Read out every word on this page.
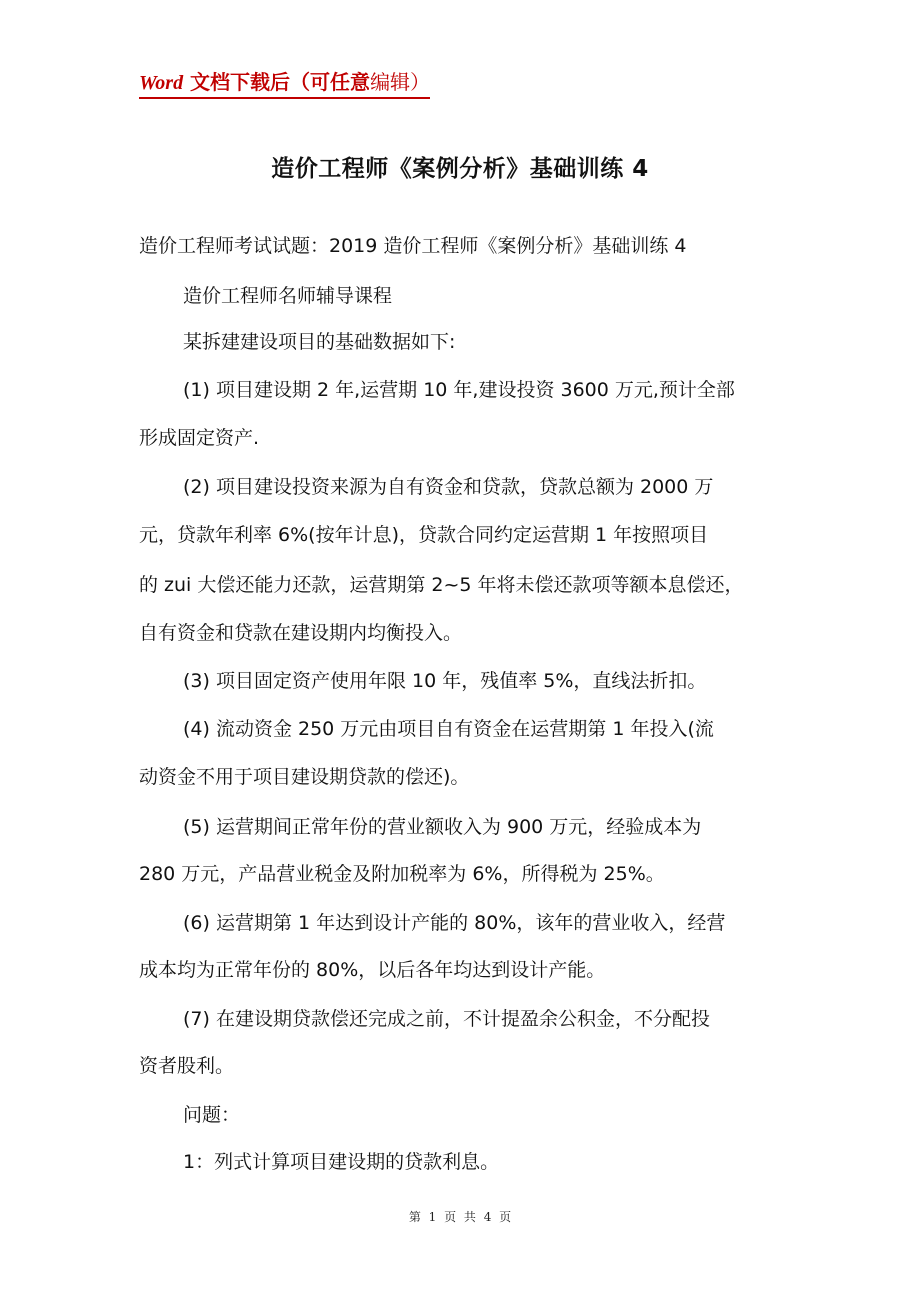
Word 文档下载后（可任意编辑）
造价工程师《案例分析》基础训练 4
造价工程师考试试题：2019 造价工程师《案例分析》基础训练 4
造价工程师名师辅导课程
某拆建建设项目的基础数据如下:
(1) 项目建设期 2 年,运营期 10 年,建设投资 3600 万元,预计全部
形成固定资产.
(2) 项目建设投资来源为自有资金和贷款，贷款总额为 2000 万
元，贷款年利率 6%(按年计息)，贷款合同约定运营期 1 年按照项目
的 zui 大偿还能力还款，运营期第 2~5 年将未偿还款项等额本息偿还，
自有资金和贷款在建设期内均衡投入。
(3) 项目固定资产使用年限 10 年，残值率 5%，直线法折扣。
(4) 流动资金 250 万元由项目自有资金在运营期第 1 年投入(流
动资金不用于项目建设期贷款的偿还)。
(5) 运营期间正常年份的营业额收入为 900 万元，经验成本为
280 万元，产品营业税金及附加税率为 6%，所得税为 25%。
(6) 运营期第 1 年达到设计产能的 80%，该年的营业收入，经营
成本均为正常年份的 80%，以后各年均达到设计产能。
(7) 在建设期贷款偿还完成之前，不计提盈余公积金，不分配投
资者股利。
问题：
1：列式计算项目建设期的贷款利息。
第 1 页 共 4 页
